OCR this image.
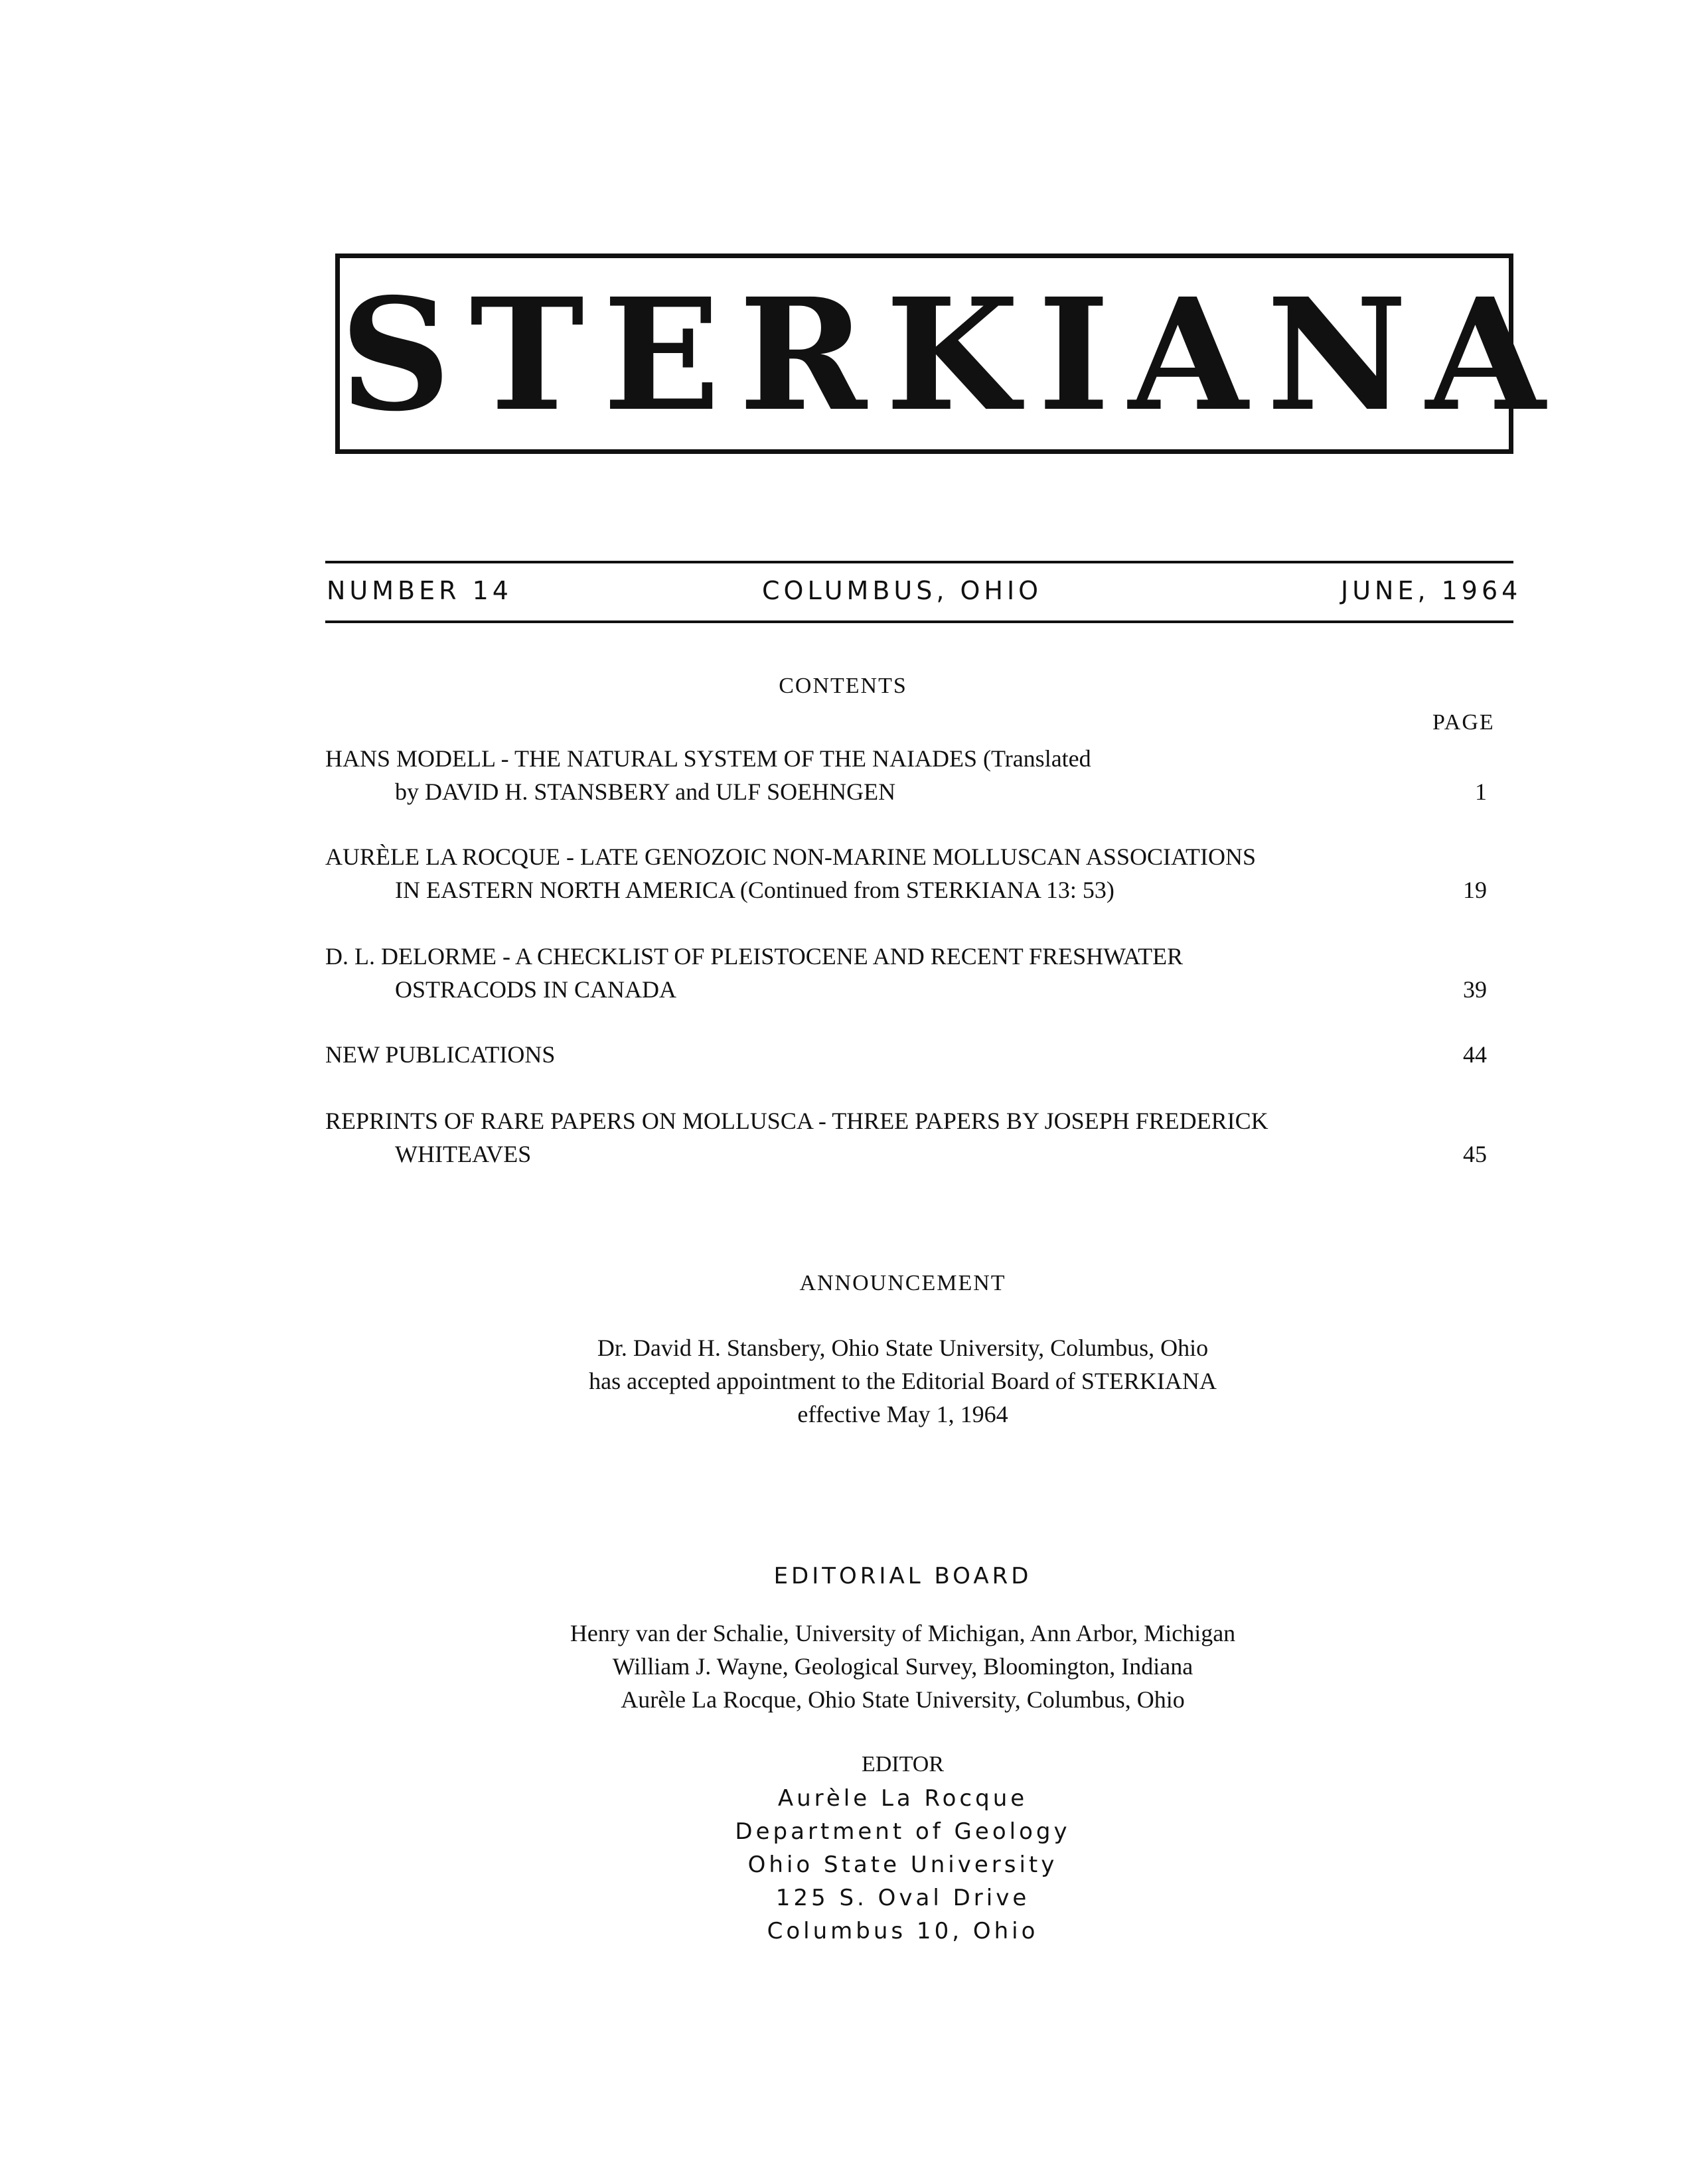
STERKIANA
NUMBER 14	COLUMBUS, OHIO	JUNE, 1964
CONTENTS
PAGE
HANS MODELL - THE NATURAL SYSTEM OF THE NAIADES (Translated
by DAVID H. STANSBERY and ULF SOEHNGEN	1
AURÈLE LA ROCQUE - LATE GENOZOIC NON-MARINE MOLLUSCAN ASSOCIATIONS
IN EASTERN NORTH AMERICA (Continued from STERKIANA 13: 53)	19
D. L. DELORME - A CHECKLIST OF PLEISTOCENE AND RECENT FRESHWATER
OSTRACODS IN CANADA	39
NEW PUBLICATIONS	44
REPRINTS OF RARE PAPERS ON MOLLUSCA - THREE PAPERS BY JOSEPH FREDERICK
WHITEAVES	45
ANNOUNCEMENT
Dr. David H. Stansbery, Ohio State University, Columbus, Ohio
has accepted appointment to the Editorial Board of STERKIANA
effective May 1, 1964
EDITORIAL BOARD
Henry van der Schalie, University of Michigan, Ann Arbor, Michigan
William J. Wayne, Geological Survey, Bloomington, Indiana
Aurèle La Rocque, Ohio State University, Columbus, Ohio
EDITOR
Aurèle La Rocque
Department of Geology
Ohio State University
125 S. Oval Drive
Columbus 10, Ohio
